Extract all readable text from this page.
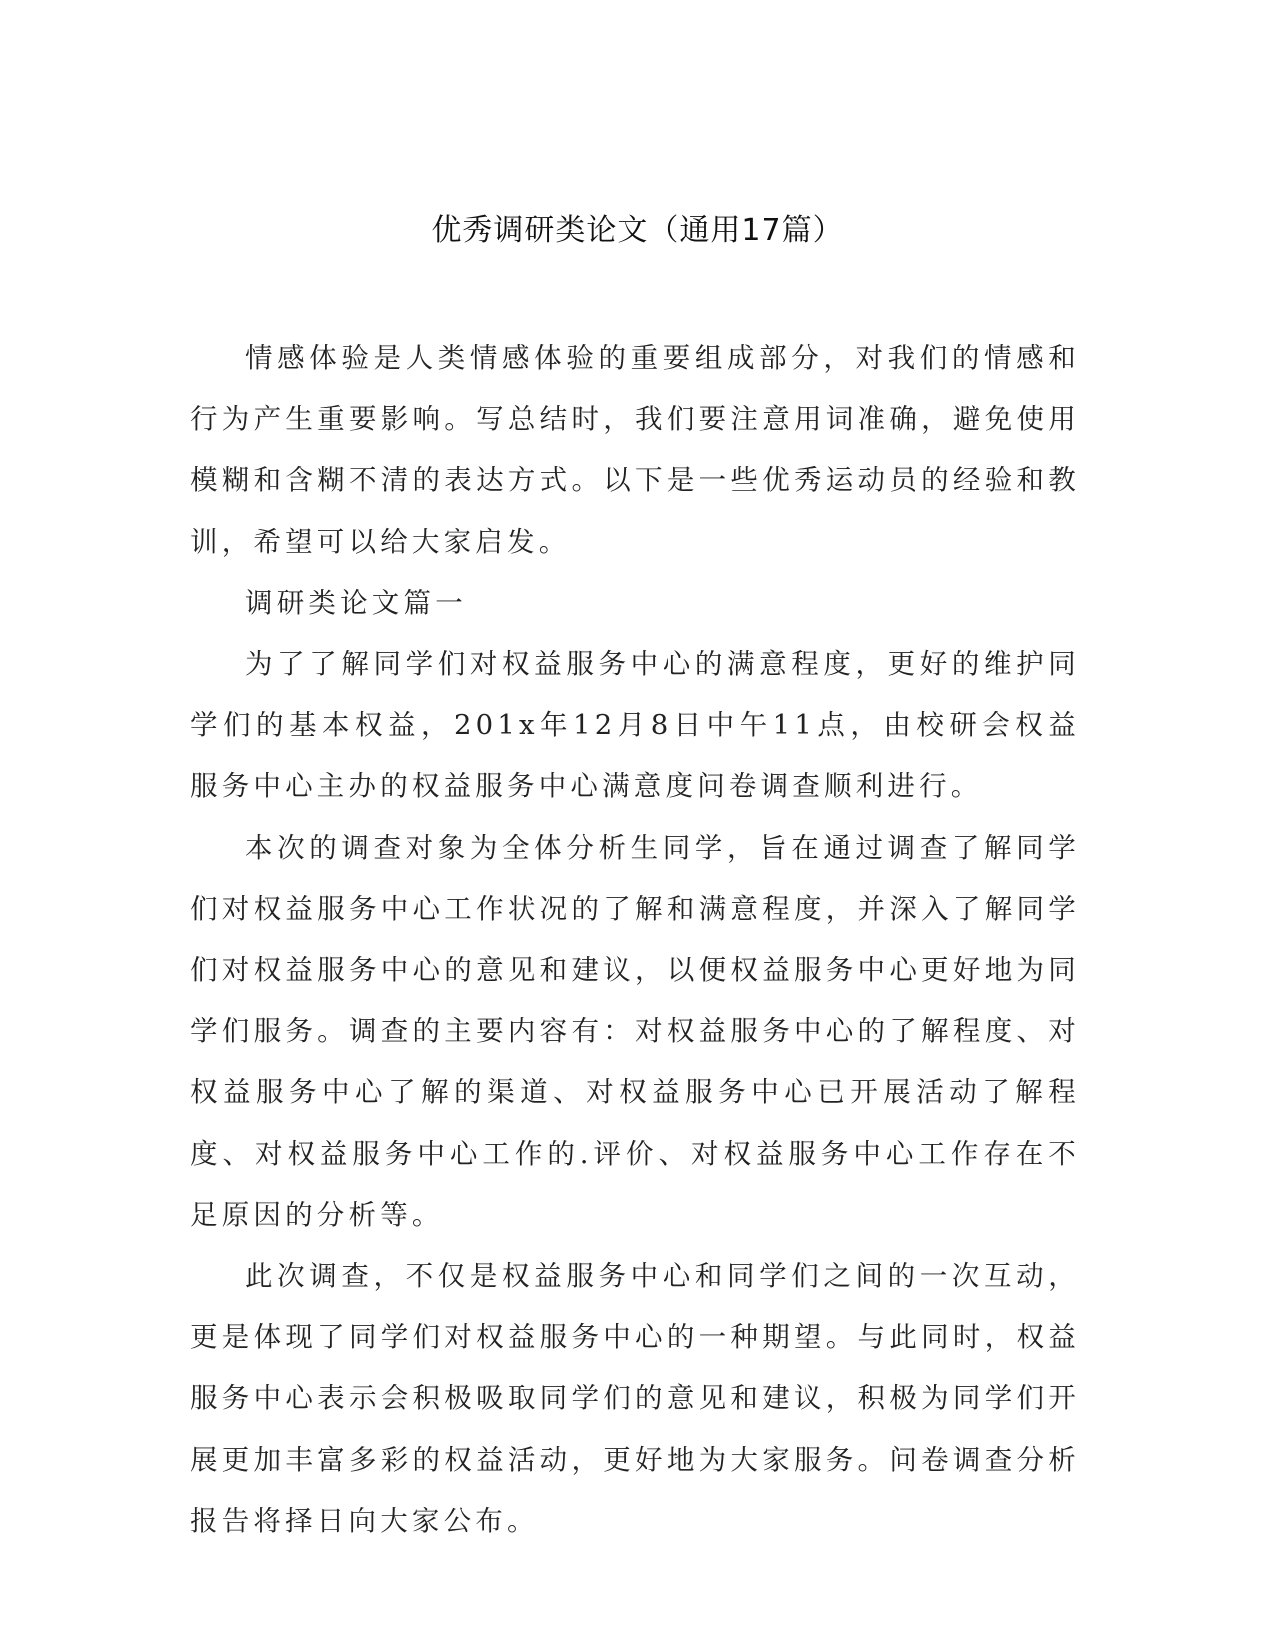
优秀调研类论文（通用17篇）

情感体验是人类情感体验的重要组成部分，对我们的情感和行为产生重要影响。写总结时，我们要注意用词准确，避免使用模糊和含糊不清的表达方式。以下是一些优秀运动员的经验和教训，希望可以给大家启发。

调研类论文篇一

为了了解同学们对权益服务中心的满意程度，更好的维护同学们的基本权益，201x年12月8日中午11点，由校研会权益服务中心主办的权益服务中心满意度问卷调查顺利进行。

本次的调查对象为全体分析生同学，旨在通过调查了解同学们对权益服务中心工作状况的了解和满意程度，并深入了解同学们对权益服务中心的意见和建议，以便权益服务中心更好地为同学们服务。调查的主要内容有：对权益服务中心的了解程度、对权益服务中心了解的渠道、对权益服务中心已开展活动了解程度、对权益服务中心工作的.评价、对权益服务中心工作存在不足原因的分析等。

此次调查，不仅是权益服务中心和同学们之间的一次互动，更是体现了同学们对权益服务中心的一种期望。与此同时，权益服务中心表示会积极吸取同学们的意见和建议，积极为同学们开展更加丰富多彩的权益活动，更好地为大家服务。问卷调查分析报告将择日向大家公布。
